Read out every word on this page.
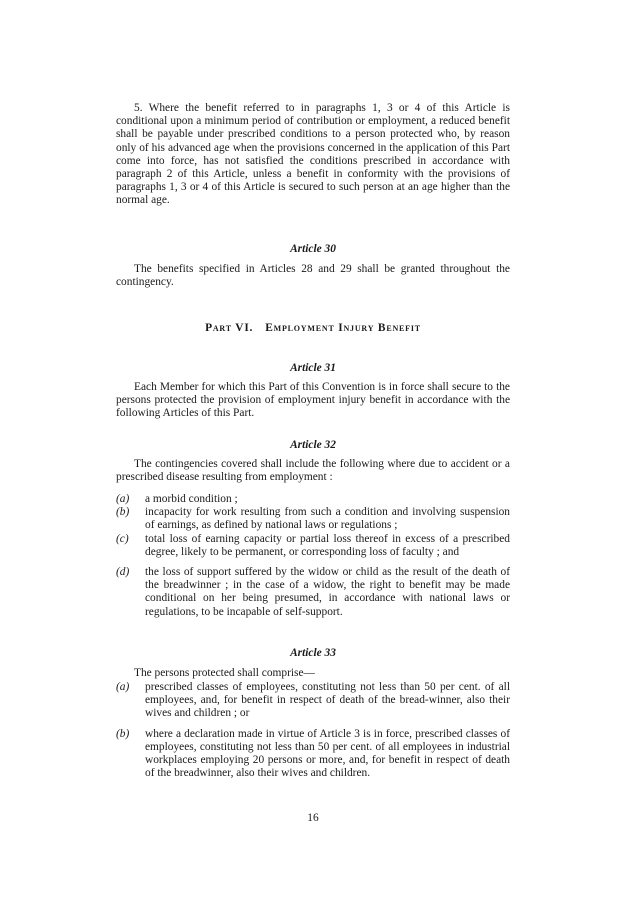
5. Where the benefit referred to in paragraphs 1, 3 or 4 of this Article is conditional upon a minimum period of contribution or employment, a reduced benefit shall be payable under prescribed conditions to a person protected who, by reason only of his advanced age when the provisions concerned in the application of this Part come into force, has not satisfied the conditions prescribed in accordance with paragraph 2 of this Article, unless a benefit in conformity with the provisions of paragraphs 1, 3 or 4 of this Article is secured to such person at an age higher than the normal age.

Article 30

The benefits specified in Articles 28 and 29 shall be granted throughout the contingency.

Part VI. Employment Injury Benefit

Article 31

Each Member for which this Part of this Convention is in force shall secure to the persons protected the provision of employment injury benefit in accordance with the following Articles of this Part.

Article 32

The contingencies covered shall include the following where due to accident or a prescribed disease resulting from employment :

(a) a morbid condition ;
(b) incapacity for work resulting from such a condition and involving suspension of earnings, as defined by national laws or regulations ;
(c) total loss of earning capacity or partial loss thereof in excess of a prescribed degree, likely to be permanent, or corresponding loss of faculty ; and
(d) the loss of support suffered by the widow or child as the result of the death of the breadwinner ; in the case of a widow, the right to benefit may be made conditional on her being presumed, in accordance with national laws or regulations, to be incapable of self-support.

Article 33

The persons protected shall comprise—

(a) prescribed classes of employees, constituting not less than 50 per cent. of all employees, and, for benefit in respect of death of the bread-winner, also their wives and children ; or
(b) where a declaration made in virtue of Article 3 is in force, prescribed classes of employees, constituting not less than 50 per cent. of all employees in industrial workplaces employing 20 persons or more, and, for benefit in respect of death of the breadwinner, also their wives and children.
16
